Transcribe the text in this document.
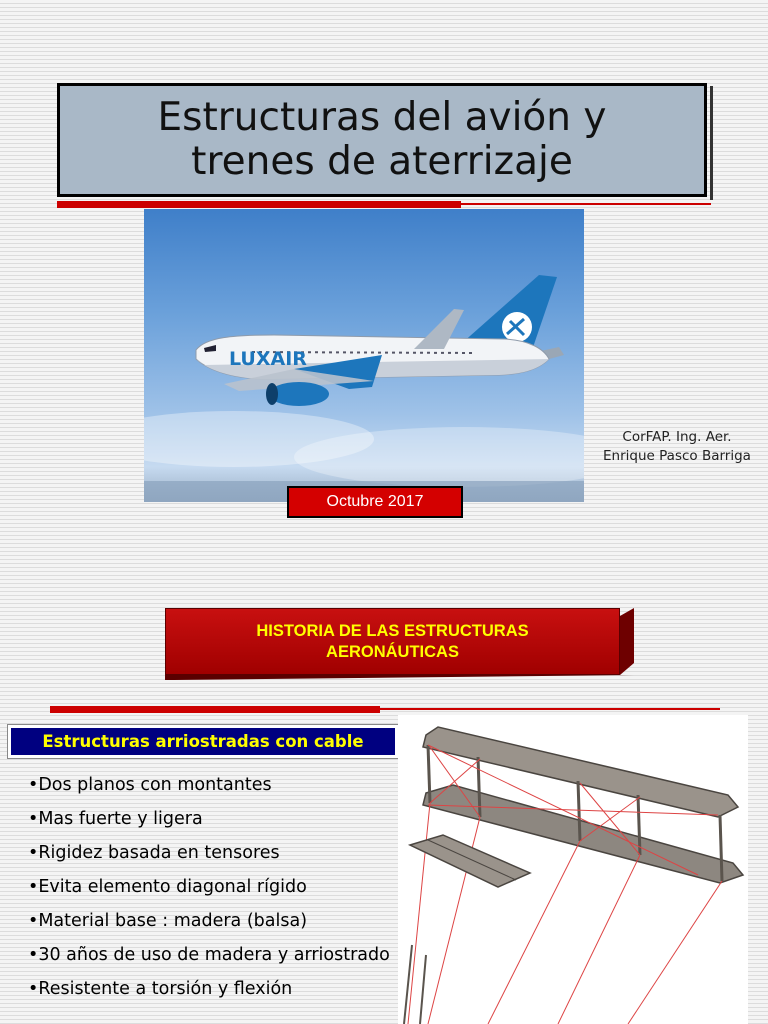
Estructuras del avión y
trenes de aterrizaje
LUXAIR
CorFAP. Ing. Aer.
Enrique Pasco Barriga
Octubre 2017
HISTORIA DE LAS ESTRUCTURAS
AERONÁUTICAS
Estructuras arriostradas con cable
•Dos planos con montantes
•Mas fuerte y ligera
•Rigidez basada en tensores
•Evita elemento diagonal rígido
•Material base : madera (balsa)
•30 años de uso de madera y arriostrado
•Resistente a torsión y flexión
